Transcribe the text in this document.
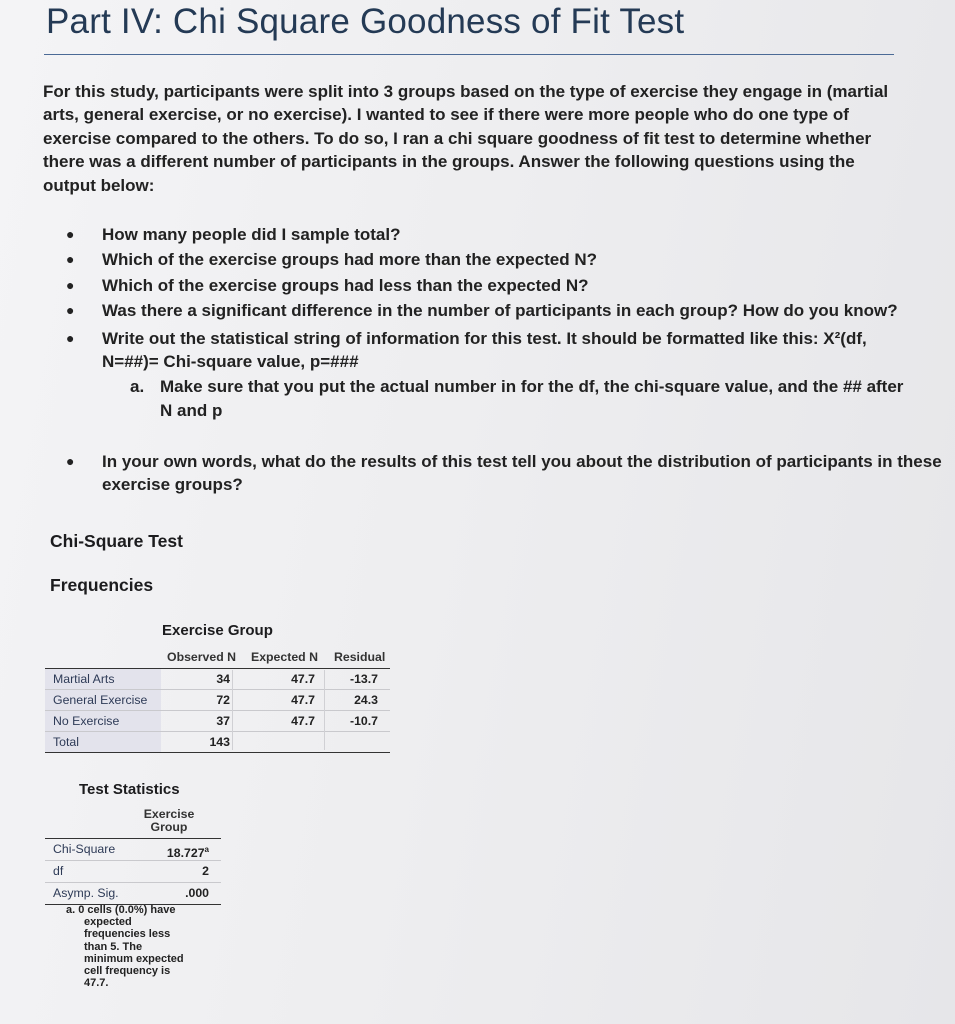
Part IV: Chi Square Goodness of Fit Test

For this study, participants were split into 3 groups based on the type of exercise they engage in (martial arts, general exercise, or no exercise). I wanted to see if there were more people who do one type of exercise compared to the others. To do so, I ran a chi square goodness of fit test to determine whether there was a different number of participants in the groups. Answer the following questions using the output below:

● How many people did I sample total?
● Which of the exercise groups had more than the expected N?
● Which of the exercise groups had less than the expected N?
● Was there a significant difference in the number of participants in each group? How do you know?
● Write out the statistical string of information for this test. It should be formatted like this: X²(df, N=##)= Chi-square value, p=###
a. Make sure that you put the actual number in for the df, the chi-square value, and the ## after N and p
● In your own words, what do the results of this test tell you about the distribution of participants in these exercise groups?
Chi-Square Test
Frequencies
Exercise Group
Observed N Expected N Residual
Martial Arts	34	47.7	-13.7
General Exercise	72	47.7	24.3
No Exercise	37	47.7	-10.7
Total	143
Test Statistics
Exercise
Group
Chi-Square	18.727$^a$
df	2
Asymp. Sig.	.000
a. 0 cells (0.0%) have
expected
frequencies less
than 5. The
minimum expected
cell frequency is
47.7.
